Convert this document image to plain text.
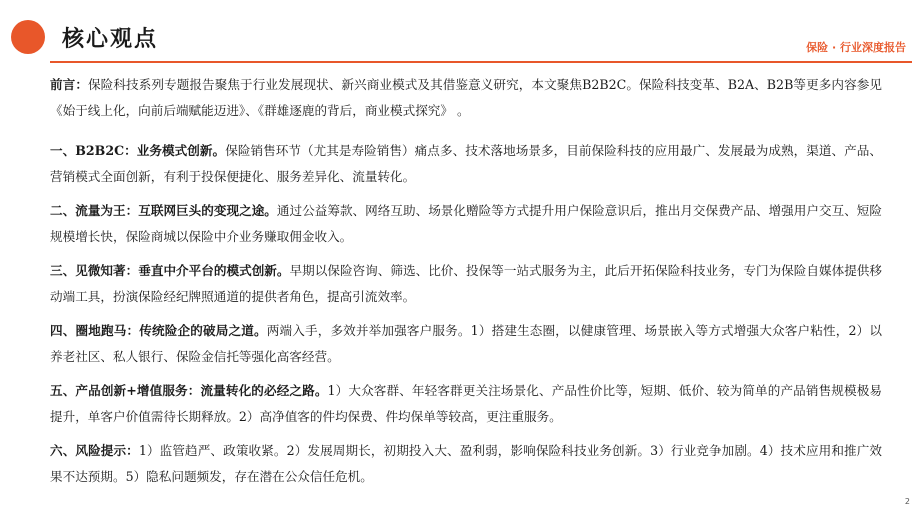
核心观点	保险 · 行业深度报告

前言：保险科技系列专题报告聚焦于行业发展现状、新兴商业模式及其借鉴意义研究，本文聚焦B2B2C。保险科技变革、B2A、B2B等更多内容参见《始于线上化，向前后端赋能迈进》、《群雄逐鹿的背后，商业模式探究》 。

一、B2B2C：业务模式创新。保险销售环节（尤其是寿险销售）痛点多、技术落地场景多，目前保险科技的应用最广、发展最为成熟，渠道、产品、营销模式全面创新，有利于投保便捷化、服务差异化、流量转化。

二、流量为王：互联网巨头的变现之途。通过公益筹款、网络互助、场景化赠险等方式提升用户保险意识后，推出月交保费产品、增强用户交互、短险规模增长快，保险商城以保险中介业务赚取佣金收入。

三、见微知著：垂直中介平台的模式创新。早期以保险咨询、筛选、比价、投保等一站式服务为主，此后开拓保险科技业务，专门为保险自媒体提供移动端工具，扮演保险经纪牌照通道的提供者角色，提高引流效率。

四、圈地跑马：传统险企的破局之道。两端入手，多效并举加强客户服务。1）搭建生态圈，以健康管理、场景嵌入等方式增强大众客户粘性，2）以养老社区、私人银行、保险金信托等强化高客经营。

五、产品创新+增值服务：流量转化的必经之路。1）大众客群、年轻客群更关注场景化、产品性价比等，短期、低价、较为简单的产品销售规模极易提升，单客户价值需待长期释放。2）高净值客的件均保费、件均保单等较高，更注重服务。

六、风险提示：1）监管趋严、政策收紧。2）发展周期长，初期投入大、盈利弱，影响保险科技业务创新。3）行业竞争加剧。4）技术应用和推广效果不达预期。5）隐私问题频发，存在潜在公众信任危机。

2
